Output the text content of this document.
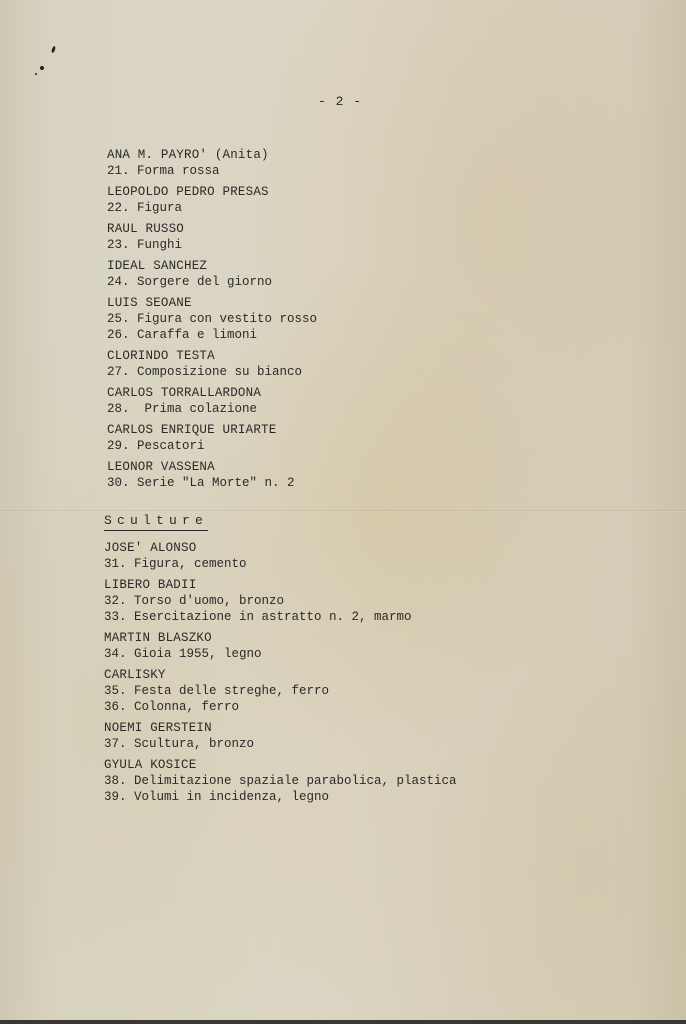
- 2 -
ANA M. PAYRO' (Anita)
21. Forma rossa
LEOPOLDO PEDRO PRESAS
22. Figura
RAUL RUSSO
23. Funghi
IDEAL SANCHEZ
24. Sorgere del giorno
LUIS SEOANE
25. Figura con vestito rosso
26. Caraffa e limoni
CLORINDO TESTA
27. Composizione su bianco
CARLOS TORRALLARDONA
28.  Prima colazione
CARLOS ENRIQUE URIARTE
29. Pescatori
LEONOR VASSENA
30. Serie "La Morte" n. 2
Sculture
JOSE' ALONSO
31. Figura, cemento
LIBERO BADII
32. Torso d'uomo, bronzo
33. Esercitazione in astratto n. 2, marmo
MARTIN BLASZKO
34. Gioia 1955, legno
CARLISKY
35. Festa delle streghe, ferro
36. Colonna, ferro
NOEMI GERSTEIN
37. Scultura, bronzo
GYULA KOSICE
38. Delimitazione spaziale parabolica, plastica
39. Volumi in incidenza, legno
